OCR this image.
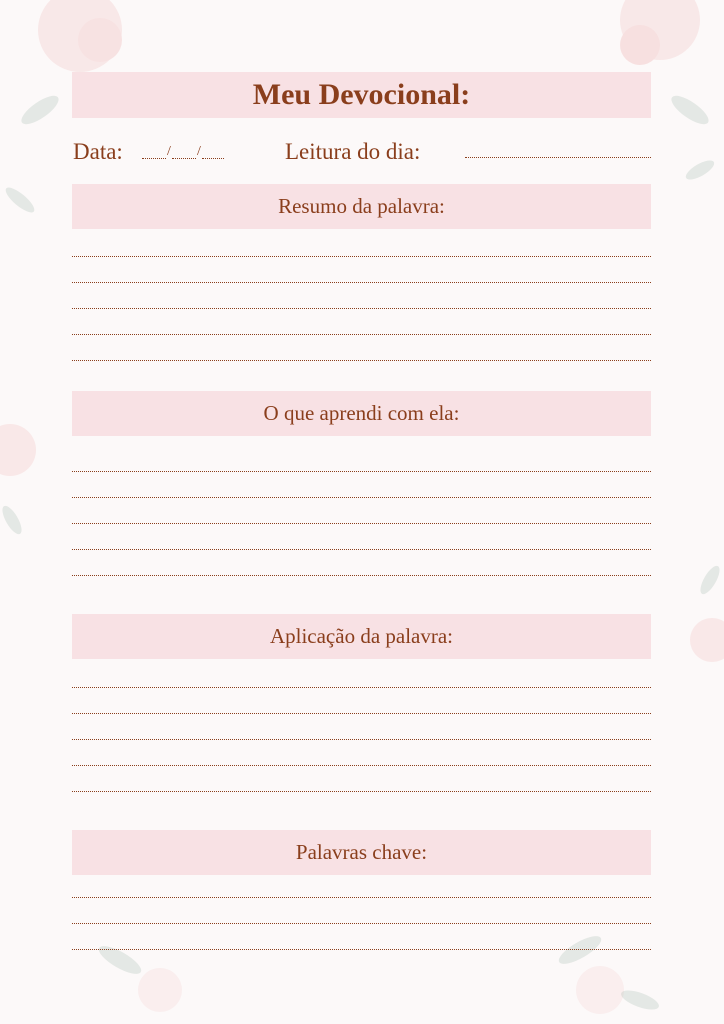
Meu Devocional:
Data:	/ /	Leitura do dia:
Resumo da palavra:
O que aprendi com ela:
Aplicação da palavra:
Palavras chave:
